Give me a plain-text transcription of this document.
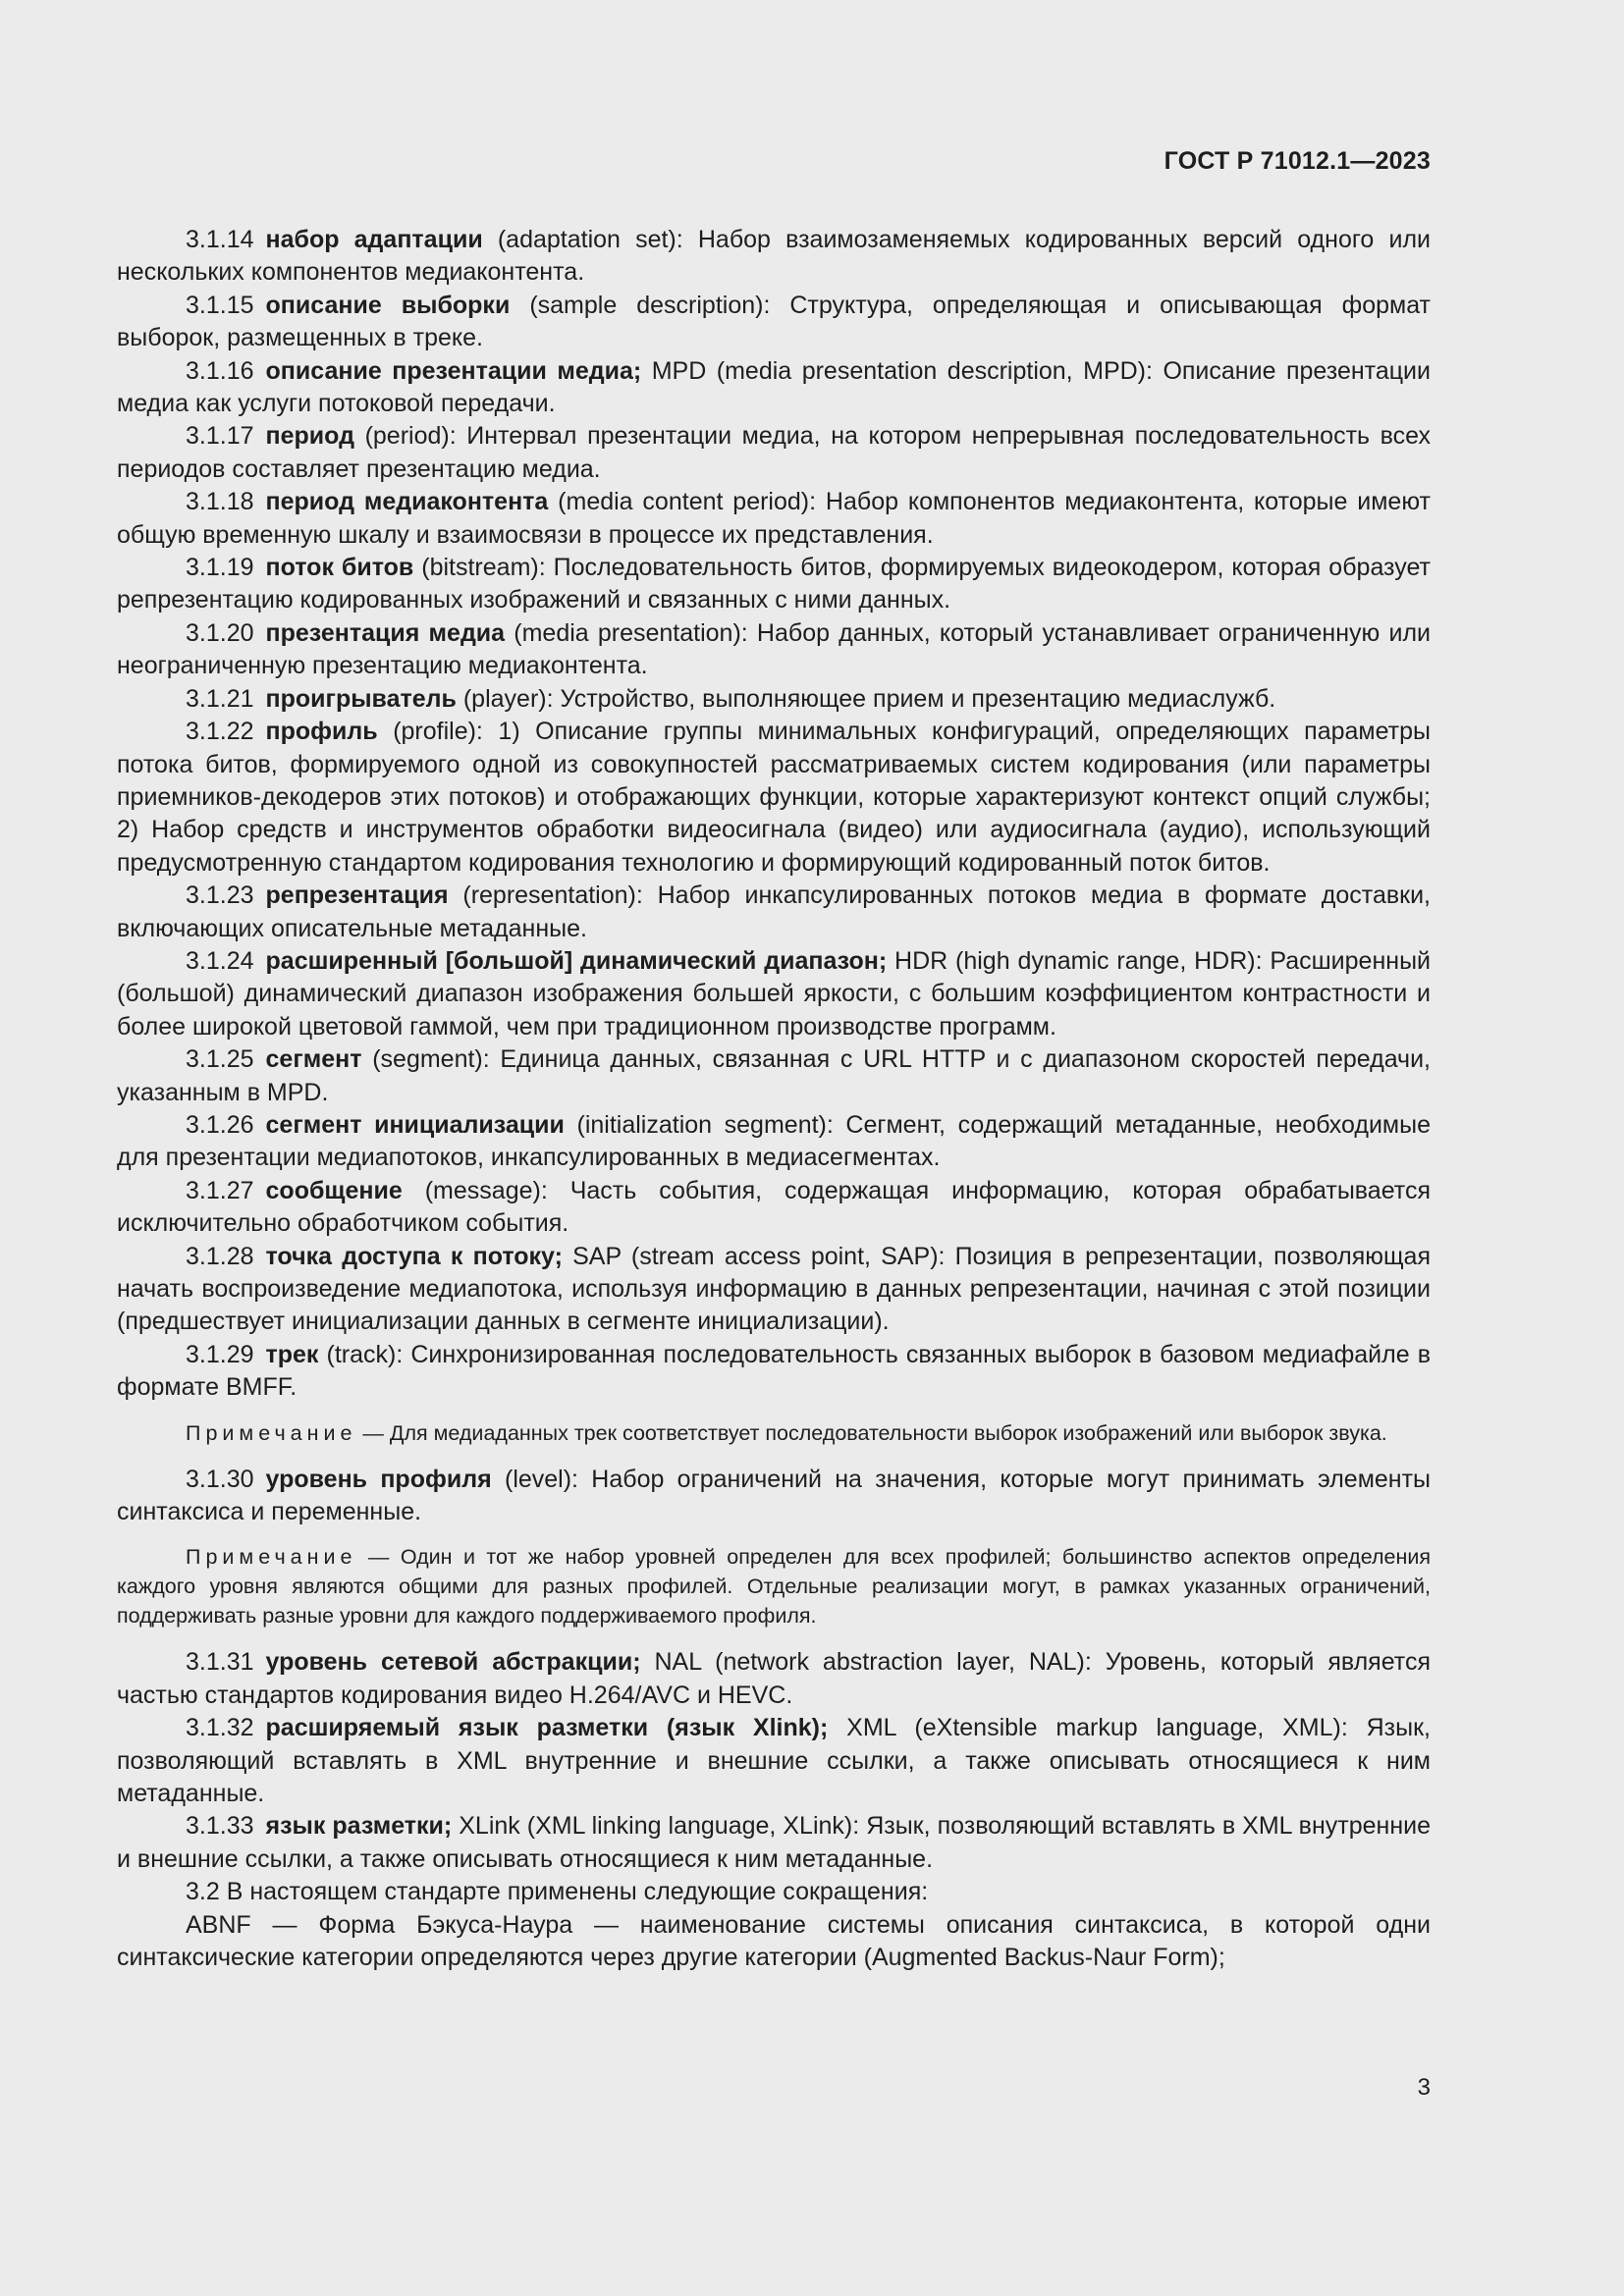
ГОСТ Р 71012.1—2023

3.1.14 набор адаптации (adaptation set): Набор взаимозаменяемых кодированных версий одного или нескольких компонентов медиаконтента.

3.1.15 описание выборки (sample description): Структура, определяющая и описывающая формат выборок, размещенных в треке.

3.1.16 описание презентации медиа; MPD (media presentation description, MPD): Описание презентации медиа как услуги потоковой передачи.

3.1.17 период (period): Интервал презентации медиа, на котором непрерывная последовательность всех периодов составляет презентацию медиа.

3.1.18 период медиаконтента (media content period): Набор компонентов медиаконтента, которые имеют общую временную шкалу и взаимосвязи в процессе их представления.

3.1.19 поток битов (bitstream): Последовательность битов, формируемых видеокодером, которая образует репрезентацию кодированных изображений и связанных с ними данных.

3.1.20 презентация медиа (media presentation): Набор данных, который устанавливает ограниченную или неограниченную презентацию медиаконтента.

3.1.21 проигрыватель (player): Устройство, выполняющее прием и презентацию медиаслужб.

3.1.22 профиль (profile): 1) Описание группы минимальных конфигураций, определяющих параметры потока битов, формируемого одной из совокупностей рассматриваемых систем кодирования (или параметры приемников-декодеров этих потоков) и отображающих функции, которые характеризуют контекст опций службы; 2) Набор средств и инструментов обработки видеосигнала (видео) или аудиосигнала (аудио), использующий предусмотренную стандартом кодирования технологию и формирующий кодированный поток битов.

3.1.23 репрезентация (representation): Набор инкапсулированных потоков медиа в формате доставки, включающих описательные метаданные.

3.1.24 расширенный [большой] динамический диапазон; HDR (high dynamic range, HDR): Расширенный (большой) динамический диапазон изображения большей яркости, с большим коэффициентом контрастности и более широкой цветовой гаммой, чем при традиционном производстве программ.

3.1.25 сегмент (segment): Единица данных, связанная с URL HTTP и с диапазоном скоростей передачи, указанным в MPD.

3.1.26 сегмент инициализации (initialization segment): Сегмент, содержащий метаданные, необходимые для презентации медиапотоков, инкапсулированных в медиасегментах.

3.1.27 сообщение (message): Часть события, содержащая информацию, которая обрабатывается исключительно обработчиком события.

3.1.28 точка доступа к потоку; SAP (stream access point, SAP): Позиция в репрезентации, позволяющая начать воспроизведение медиапотока, используя информацию в данных репрезентации, начиная с этой позиции (предшествует инициализации данных в сегменте инициализации).

3.1.29 трек (track): Синхронизированная последовательность связанных выборок в базовом медиафайле в формате BMFF.

Примечание — Для медиаданных трек соответствует последовательности выборок изображений или выборок звука.

3.1.30 уровень профиля (level): Набор ограничений на значения, которые могут принимать элементы синтаксиса и переменные.

Примечание — Один и тот же набор уровней определен для всех профилей; большинство аспектов определения каждого уровня являются общими для разных профилей. Отдельные реализации могут, в рамках указанных ограничений, поддерживать разные уровни для каждого поддерживаемого профиля.

3.1.31 уровень сетевой абстракции; NAL (network abstraction layer, NAL): Уровень, который является частью стандартов кодирования видео H.264/AVC и HEVC.

3.1.32 расширяемый язык разметки (язык Xlink); XML (eXtensible markup language, XML): Язык, позволяющий вставлять в XML внутренние и внешние ссылки, а также описывать относящиеся к ним метаданные.

3.1.33 язык разметки; XLink (XML linking language, XLink): Язык, позволяющий вставлять в XML внутренние и внешние ссылки, а также описывать относящиеся к ним метаданные.

3.2 В настоящем стандарте применены следующие сокращения:

ABNF — Форма Бэкуса-Наура — наименование системы описания синтаксиса, в которой одни синтаксические категории определяются через другие категории (Augmented Backus-Naur Form);

3
